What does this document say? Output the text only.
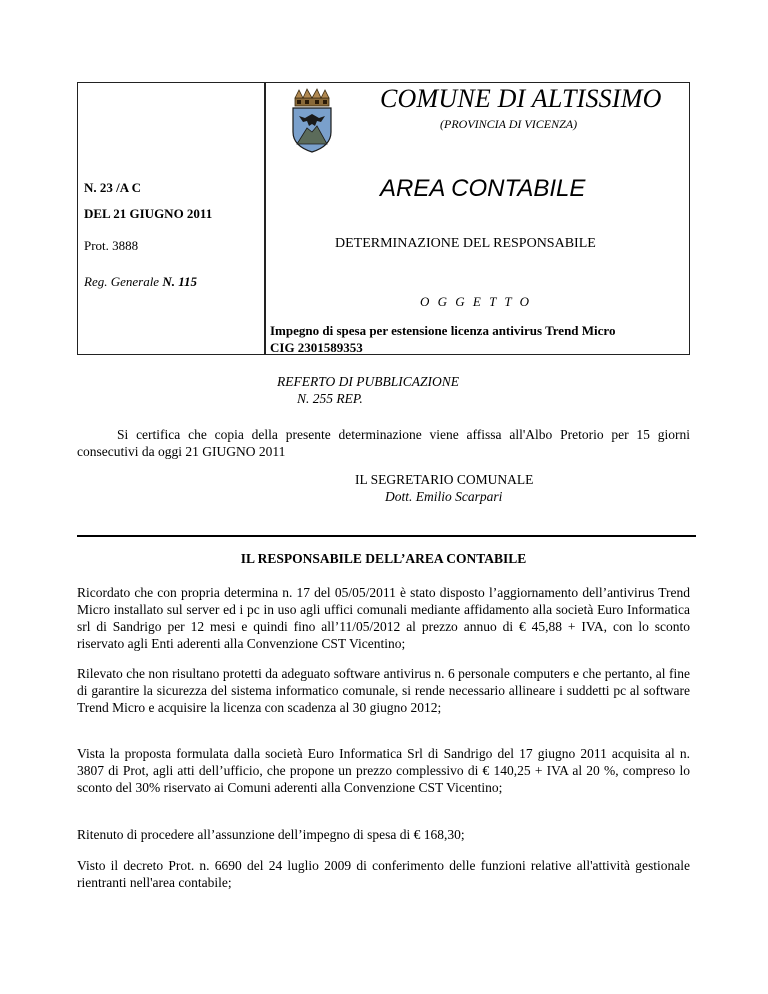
COMUNE DI ALTISSIMO
(PROVINCIA DI VICENZA)
AREA CONTABILE
N. 23 /A C
DEL 21 GIUGNO 2011
Prot. 3888
Reg. Generale N. 115
DETERMINAZIONE DEL RESPONSABILE
O G G E T T O
Impegno di spesa per estensione licenza antivirus Trend Micro
CIG 2301589353
REFERTO DI PUBBLICAZIONE
N. 255 REP.
Si certifica che copia della presente determinazione viene affissa all'Albo Pretorio per 15 giorni consecutivi da oggi 21 GIUGNO 2011
IL SEGRETARIO COMUNALE
Dott. Emilio Scarpari
IL RESPONSABILE DELL’AREA CONTABILE

Ricordato che con propria determina n. 17 del 05/05/2011 è stato disposto l’aggiornamento dell’antivirus Trend Micro installato sul server ed i pc in uso agli uffici comunali mediante affidamento alla società Euro Informatica srl di Sandrigo per 12 mesi e quindi fino all’11/05/2012 al prezzo annuo di € 45,88 + IVA, con lo sconto riservato agli Enti aderenti alla Convenzione CST Vicentino;

Rilevato che non risultano protetti da adeguato software antivirus n. 6 personale computers e che pertanto, al fine di garantire la sicurezza del sistema informatico comunale, si rende necessario allineare i suddetti pc al software Trend Micro e acquisire la licenza con scadenza al 30 giugno 2012;

Vista la proposta formulata dalla società Euro Informatica Srl di Sandrigo del 17 giugno 2011 acquisita al n. 3807 di Prot, agli atti dell’ufficio, che propone un prezzo complessivo di € 140,25 + IVA al 20 %, compreso lo sconto del 30% riservato ai Comuni aderenti alla Convenzione CST Vicentino;

Ritenuto di procedere all’assunzione dell’impegno di spesa di € 168,30;

Visto il decreto Prot. n. 6690 del 24 luglio 2009 di conferimento delle funzioni relative all'attività gestionale rientranti nell'area contabile;
